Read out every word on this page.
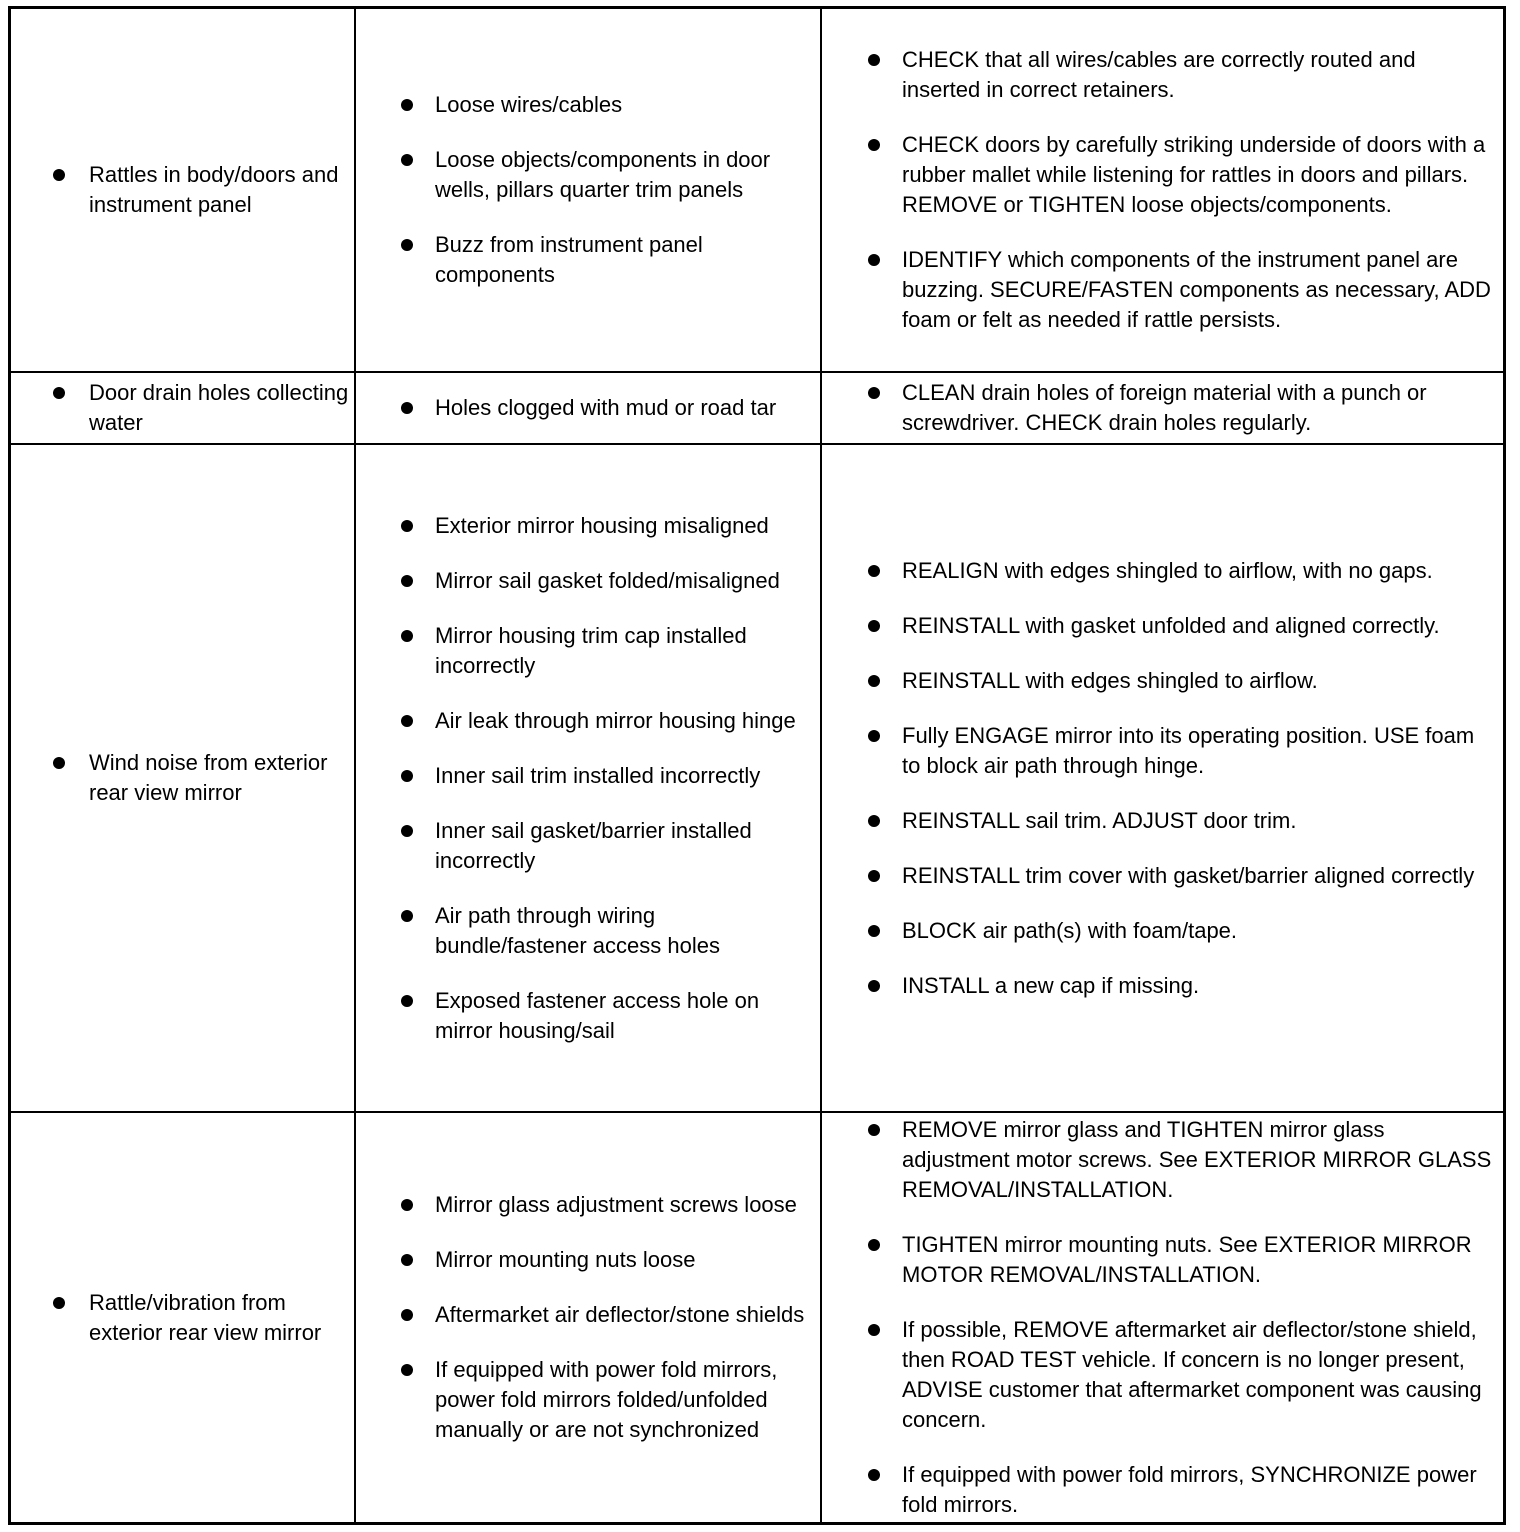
Rattles in body/doors and instrument panel
Loose wires/cables
Loose objects/components in door wells, pillars quarter trim panels
Buzz from instrument panel components
CHECK that all wires/cables are correctly routed and inserted in correct retainers.
CHECK doors by carefully striking underside of doors with a rubber mallet while listening for rattles in doors and pillars. REMOVE or TIGHTEN loose objects/components.
IDENTIFY which components of the instrument panel are buzzing. SECURE/FASTEN components as necessary, ADD foam or felt as needed if rattle persists.
Door drain holes collecting water
Holes clogged with mud or road tar
CLEAN drain holes of foreign material with a punch or screwdriver. CHECK drain holes regularly.
Wind noise from exterior rear view mirror
Exterior mirror housing misaligned
Mirror sail gasket folded/misaligned
Mirror housing trim cap installed incorrectly
Air leak through mirror housing hinge
Inner sail trim installed incorrectly
Inner sail gasket/barrier installed incorrectly
Air path through wiring bundle/fastener access holes
Exposed fastener access hole on mirror housing/sail
REALIGN with edges shingled to airflow, with no gaps.
REINSTALL with gasket unfolded and aligned correctly.
REINSTALL with edges shingled to airflow.
Fully ENGAGE mirror into its operating position. USE foam to block air path through hinge.
REINSTALL sail trim. ADJUST door trim.
REINSTALL trim cover with gasket/barrier aligned correctly
BLOCK air path(s) with foam/tape.
INSTALL a new cap if missing.
Rattle/vibration from exterior rear view mirror
Mirror glass adjustment screws loose
Mirror mounting nuts loose
Aftermarket air deflector/stone shields
If equipped with power fold mirrors, power fold mirrors folded/unfolded manually or are not synchronized
REMOVE mirror glass and TIGHTEN mirror glass adjustment motor screws. See EXTERIOR MIRROR GLASS REMOVAL/INSTALLATION.
TIGHTEN mirror mounting nuts. See EXTERIOR MIRROR MOTOR REMOVAL/INSTALLATION.
If possible, REMOVE aftermarket air deflector/stone shield, then ROAD TEST vehicle. If concern is no longer present, ADVISE customer that aftermarket component was causing concern.
If equipped with power fold mirrors, SYNCHRONIZE power fold mirrors.
